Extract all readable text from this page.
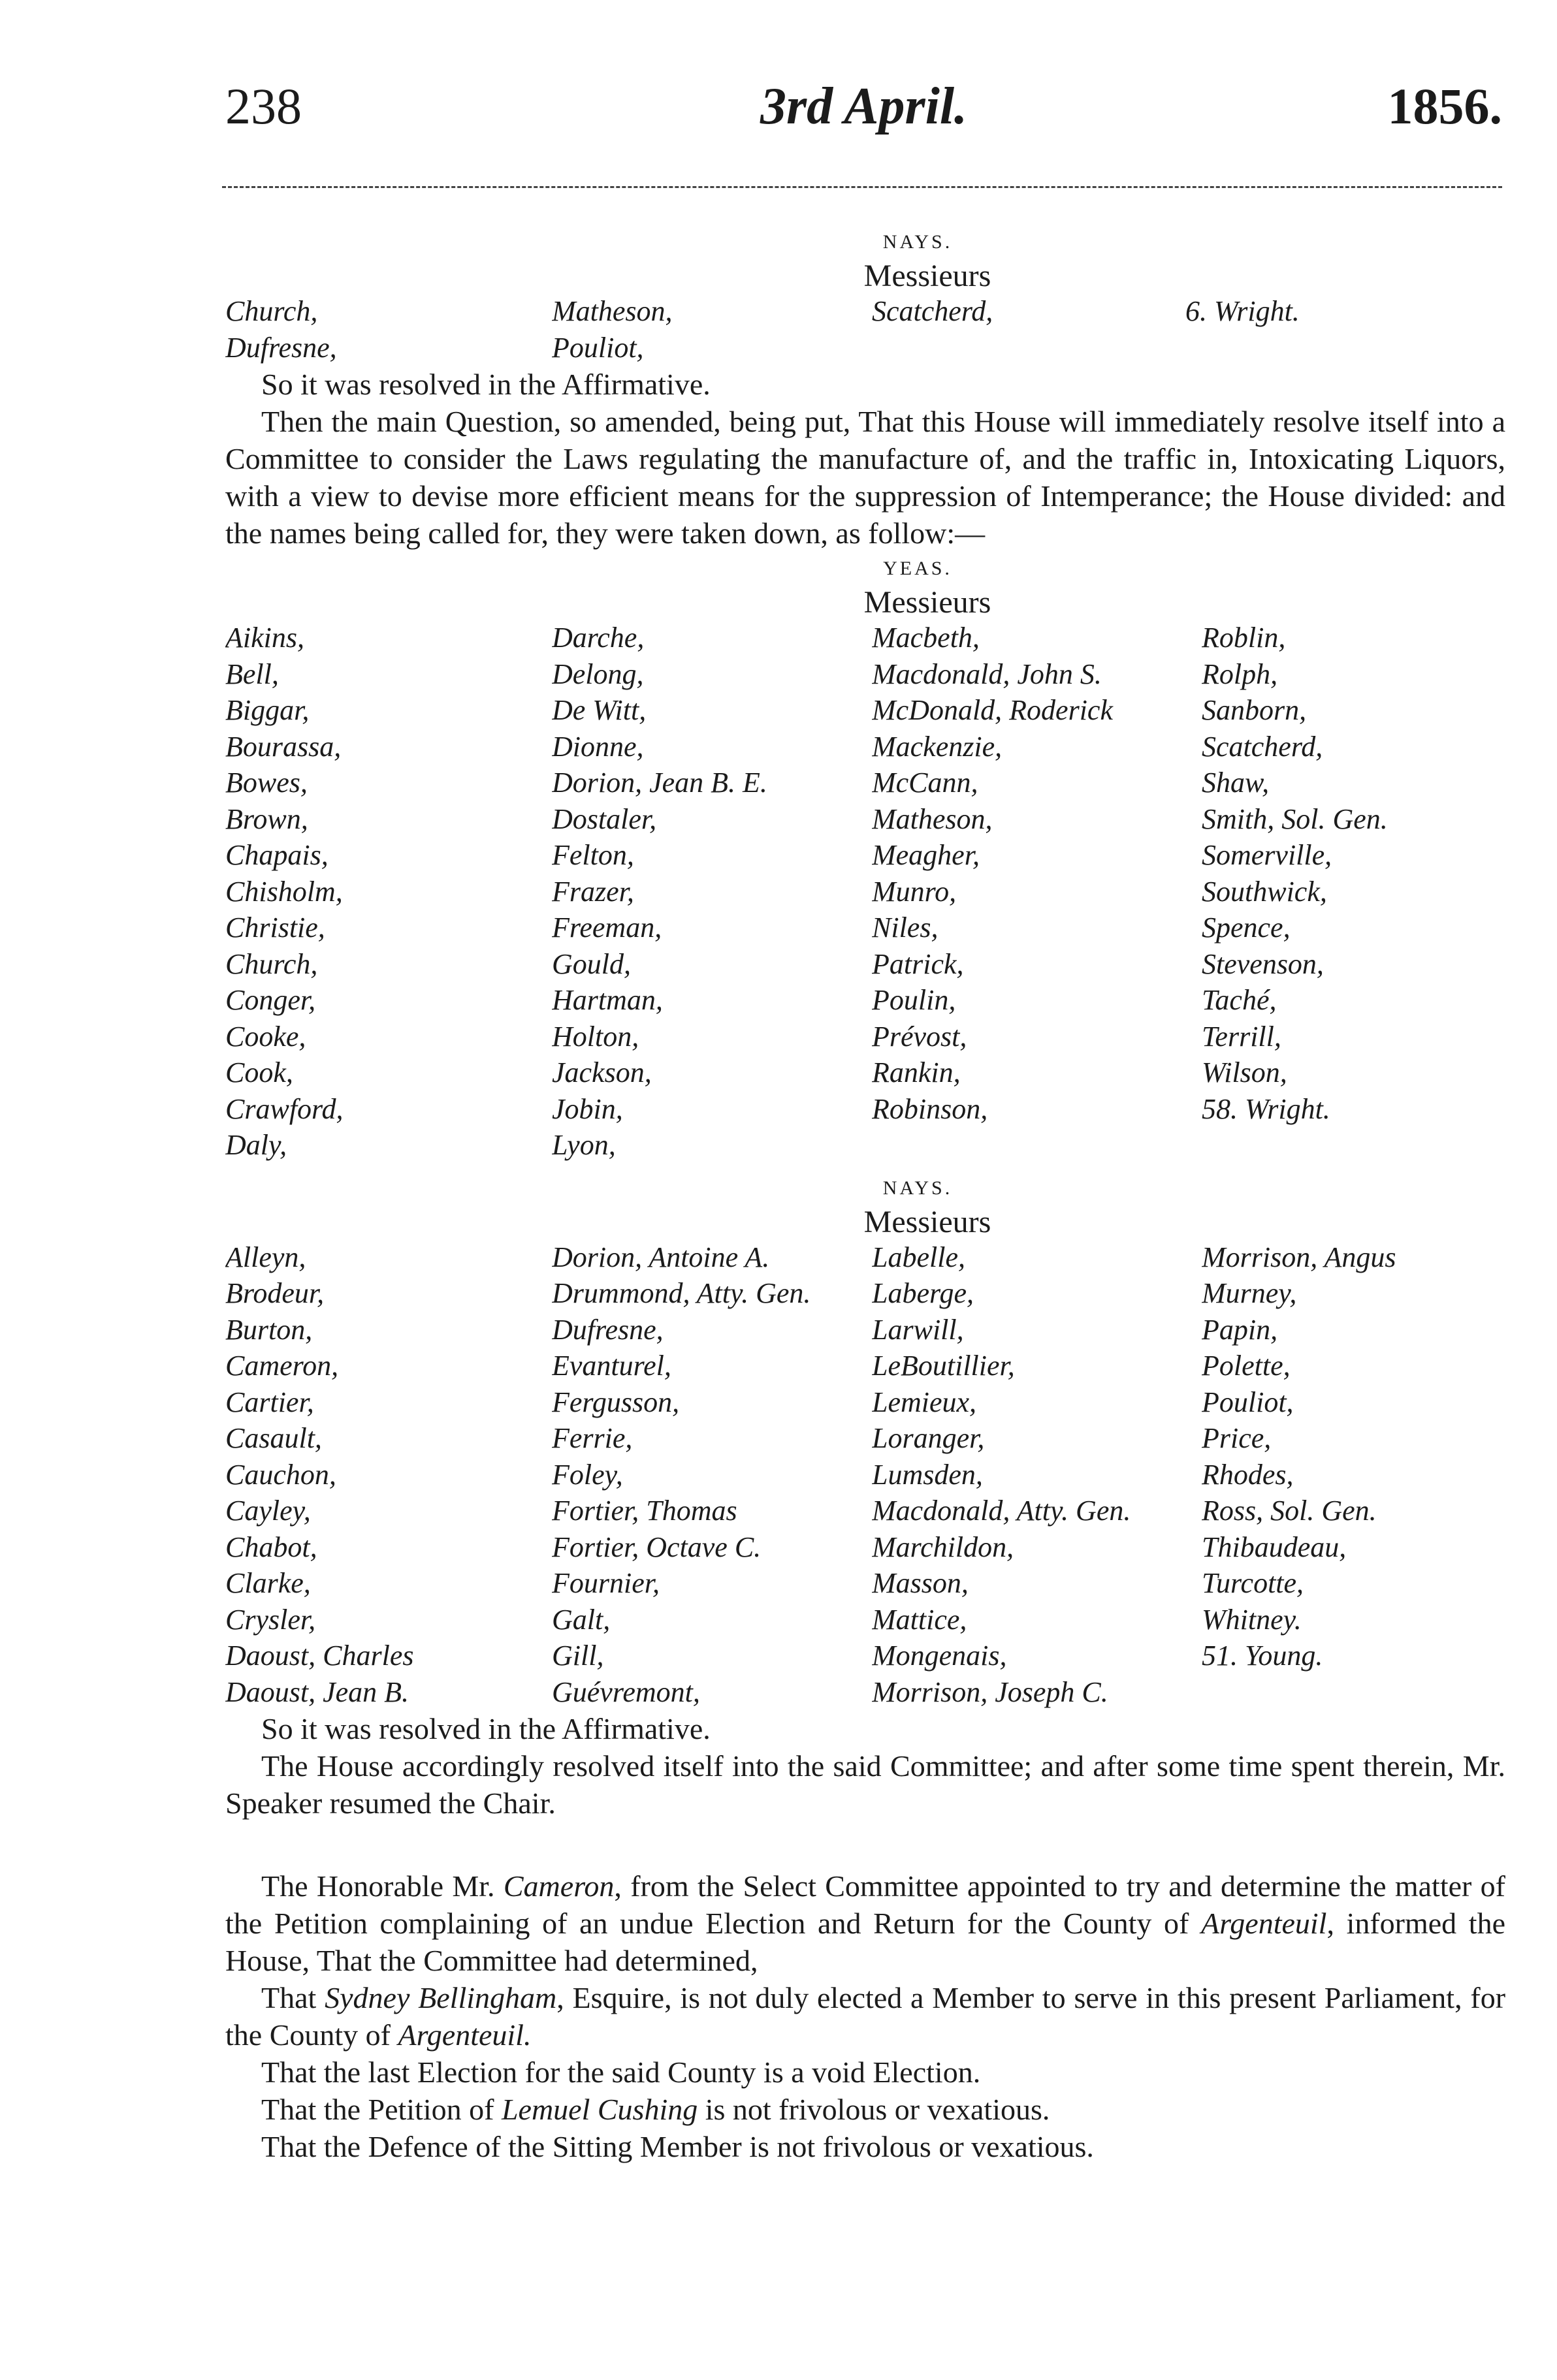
238	3rd April.	1856.
NAYS.
Messieurs
Church,	Matheson,	Scatcherd,	6. Wright.
Dufresne,	Pouliot,

So it was resolved in the Affirmative.

Then the main Question, so amended, being put, That this House will immediately resolve itself into a Committee to consider the Laws regulating the manufacture of, and the traffic in, Intoxicating Liquors, with a view to devise more efficient means for the suppression of Intemperance; the House divided: and the names being called for, they were taken down, as follow:—

YEAS.
Messieurs
Aikins,	Darche,	Macbeth,	Roblin,
Bell,	Delong,	Macdonald, John S.	Rolph,
Biggar,	De Witt,	McDonald, Roderick	Sanborn,
Bourassa,	Dionne,	Mackenzie,	Scatcherd,
Bowes,	Dorion, Jean B. E.	McCann,	Shaw,
Brown,	Dostaler,	Matheson,	Smith, Sol. Gen.
Chapais,	Felton,	Meagher,	Somerville,
Chisholm,	Frazer,	Munro,	Southwick,
Christie,	Freeman,	Niles,	Spence,
Church,	Gould,	Patrick,	Stevenson,
Conger,	Hartman,	Poulin,	Taché,
Cooke,	Holton,	Prévost,	Terrill,
Cook,	Jackson,	Rankin,	Wilson,
Crawford,	Jobin,	Robinson,	58. Wright.
Daly,	Lyon,
NAYS.
Messieurs
Alleyn,	Dorion, Antoine A.	Labelle,	Morrison, Angus
Brodeur,	Drummond, Atty. Gen.	Laberge,	Murney,
Burton,	Dufresne,	Larwill,	Papin,
Cameron,	Evanturel,	LeBoutillier,	Polette,
Cartier,	Fergusson,	Lemieux,	Pouliot,
Casault,	Ferrie,	Loranger,	Price,
Cauchon,	Foley,	Lumsden,	Rhodes,
Cayley,	Fortier, Thomas	Macdonald, Atty. Gen.	Ross, Sol. Gen.
Chabot,	Fortier, Octave C.	Marchildon,	Thibaudeau,
Clarke,	Fournier,	Masson,	Turcotte,
Crysler,	Galt,	Mattice,	Whitney.
Daoust, Charles	Gill,	Mongenais,	51. Young.
Daoust, Jean B.	Guévremont,	Morrison, Joseph C.

So it was resolved in the Affirmative.

The House accordingly resolved itself into the said Committee; and after some time spent therein, Mr. Speaker resumed the Chair.

The Honorable Mr. Cameron, from the Select Committee appointed to try and determine the matter of the Petition complaining of an undue Election and Return for the County of Argenteuil, informed the House, That the Committee had determined,

That Sydney Bellingham, Esquire, is not duly elected a Member to serve in this present Parliament, for the County of Argenteuil.

That the last Election for the said County is a void Election.

That the Petition of Lemuel Cushing is not frivolous or vexatious.

That the Defence of the Sitting Member is not frivolous or vexatious.
